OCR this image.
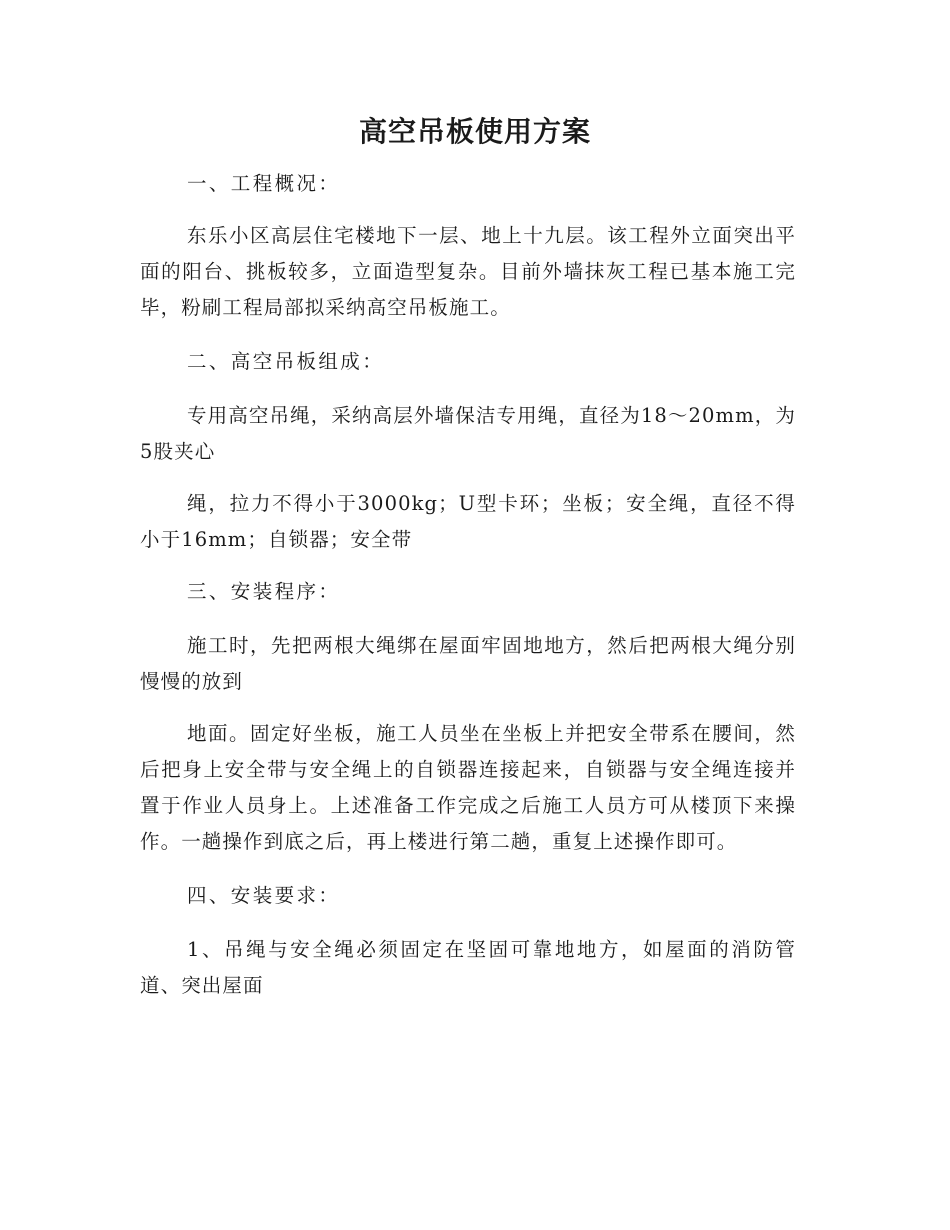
高空吊板使用方案

一、工程概况：

东乐小区高层住宅楼地下一层、地上十九层。该工程外立面突出平面的阳台、挑板较多，立面造型复杂。目前外墙抹灰工程已基本施工完毕，粉刷工程局部拟采纳高空吊板施工。

二、高空吊板组成：

专用高空吊绳，采纳高层外墙保洁专用绳，直径为18～20mm，为5股夹心

绳，拉力不得小于3000kg；U型卡环；坐板；安全绳，直径不得小于16mm；自锁器；安全带

三、安装程序：

施工时，先把两根大绳绑在屋面牢固地地方，然后把两根大绳分别慢慢的放到

地面。固定好坐板，施工人员坐在坐板上并把安全带系在腰间，然后把身上安全带与安全绳上的自锁器连接起来，自锁器与安全绳连接并置于作业人员身上。上述准备工作完成之后施工人员方可从楼顶下来操作。一趟操作到底之后，再上楼进行第二趟，重复上述操作即可。

四、安装要求：

1、吊绳与安全绳必须固定在坚固可靠地地方，如屋面的消防管道、突出屋面
